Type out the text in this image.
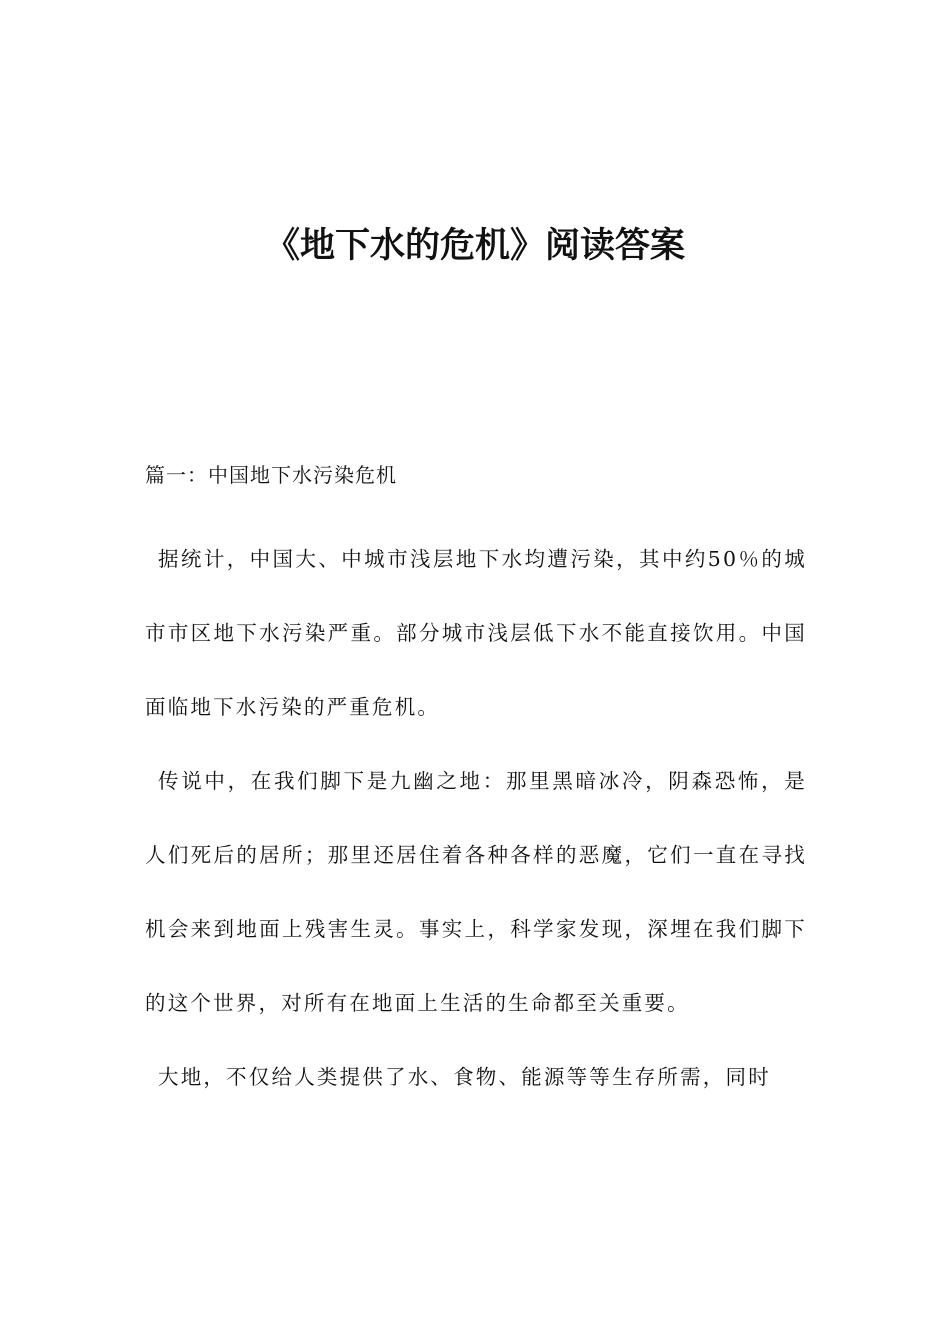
《地下水的危机》阅读答案
篇一：中国地下水污染危机

据统计，中国大、中城市浅层地下水均遭污染，其中约50％的城市市区地下水污染严重。部分城市浅层低下水不能直接饮用。中国面临地下水污染的严重危机。

传说中，在我们脚下是九幽之地：那里黑暗冰冷，阴森恐怖，是人们死后的居所；那里还居住着各种各样的恶魔，它们一直在寻找机会来到地面上残害生灵。事实上，科学家发现，深埋在我们脚下的这个世界，对所有在地面上生活的生命都至关重要。

大地，不仅给人类提供了水、食物、能源等等生存所需，同时
